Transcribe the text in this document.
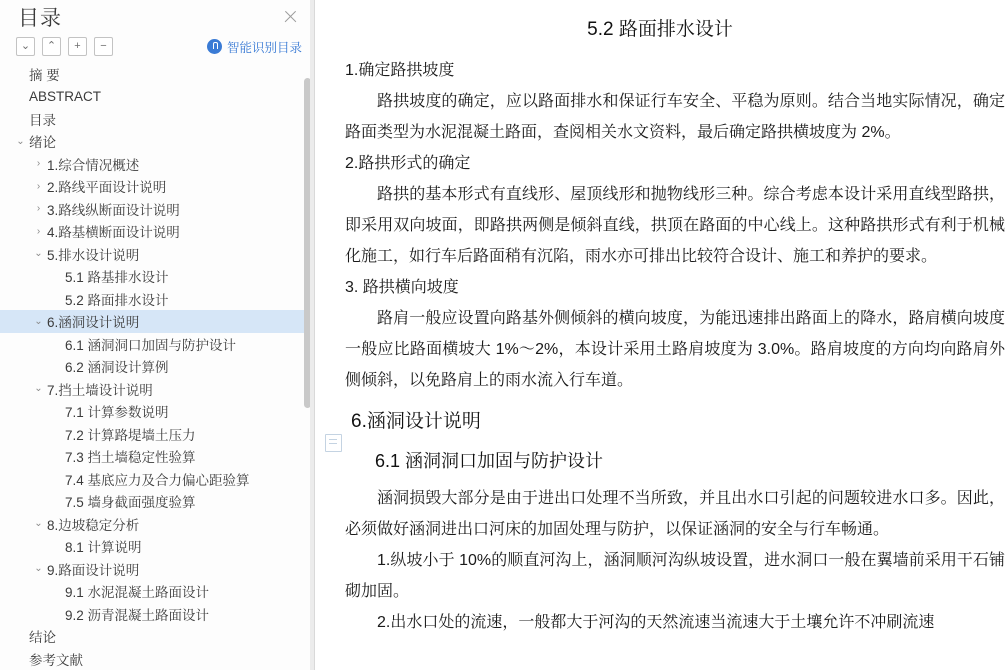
目录
⌄	⌃	+	−	智能识别目录
摘 要
ABSTRACT
目录
⌄ 绪论
› 1.综合情况概述
› 2.路线平面设计说明
› 3.路线纵断面设计说明
› 4.路基横断面设计说明
⌄ 5.排水设计说明
5.1 路基排水设计
5.2 路面排水设计
⌄ 6.涵洞设计说明
6.1 涵洞洞口加固与防护设计
6.2 涵洞设计算例
⌄ 7.挡土墙设计说明
7.1 计算参数说明
7.2 计算路堤墙土压力
7.3 挡土墙稳定性验算
7.4 基底应力及合力偏心距验算
7.5 墙身截面强度验算
⌄ 8.边坡稳定分析
8.1 计算说明
⌄ 9.路面设计说明
9.1 水泥混凝土路面设计
9.2 沥青混凝土路面设计
结论
参考文献
5.2 路面排水设计

1.确定路拱坡度

路拱坡度的确定，应以路面排水和保证行车安全、平稳为原则。结合当地实际情况，确定路面类型为水泥混凝土路面，查阅相关水文资料，最后确定路拱横坡度为 2%。

2.路拱形式的确定

路拱的基本形式有直线形、屋顶线形和抛物线形三种。综合考虑本设计采用直线型路拱，即采用双向坡面，即路拱两侧是倾斜直线，拱顶在路面的中心线上。这种路拱形式有利于机械化施工，如行车后路面稍有沉陷，雨水亦可排出比较符合设计、施工和养护的要求。

3. 路拱横向坡度

路肩一般应设置向路基外侧倾斜的横向坡度，为能迅速排出路面上的降水，路肩横向坡度一般应比路面横坡大 1%～2%，本设计采用土路肩坡度为 3.0%。路肩坡度的方向均向路肩外侧倾斜，以免路肩上的雨水流入行车道。

6.涵洞设计说明
6.1 涵洞洞口加固与防护设计

涵洞损毁大部分是由于进出口处理不当所致，并且出水口引起的问题较进水口多。因此，必须做好涵洞进出口河床的加固处理与防护，以保证涵洞的安全与行车畅通。

1.纵坡小于 10%的顺直河沟上，涵洞顺河沟纵坡设置，进水洞口一般在翼墙前采用干石铺砌加固。

2.出水口处的流速，一般都大于河沟的天然流速当流速大于土壤允许不冲刷流速
